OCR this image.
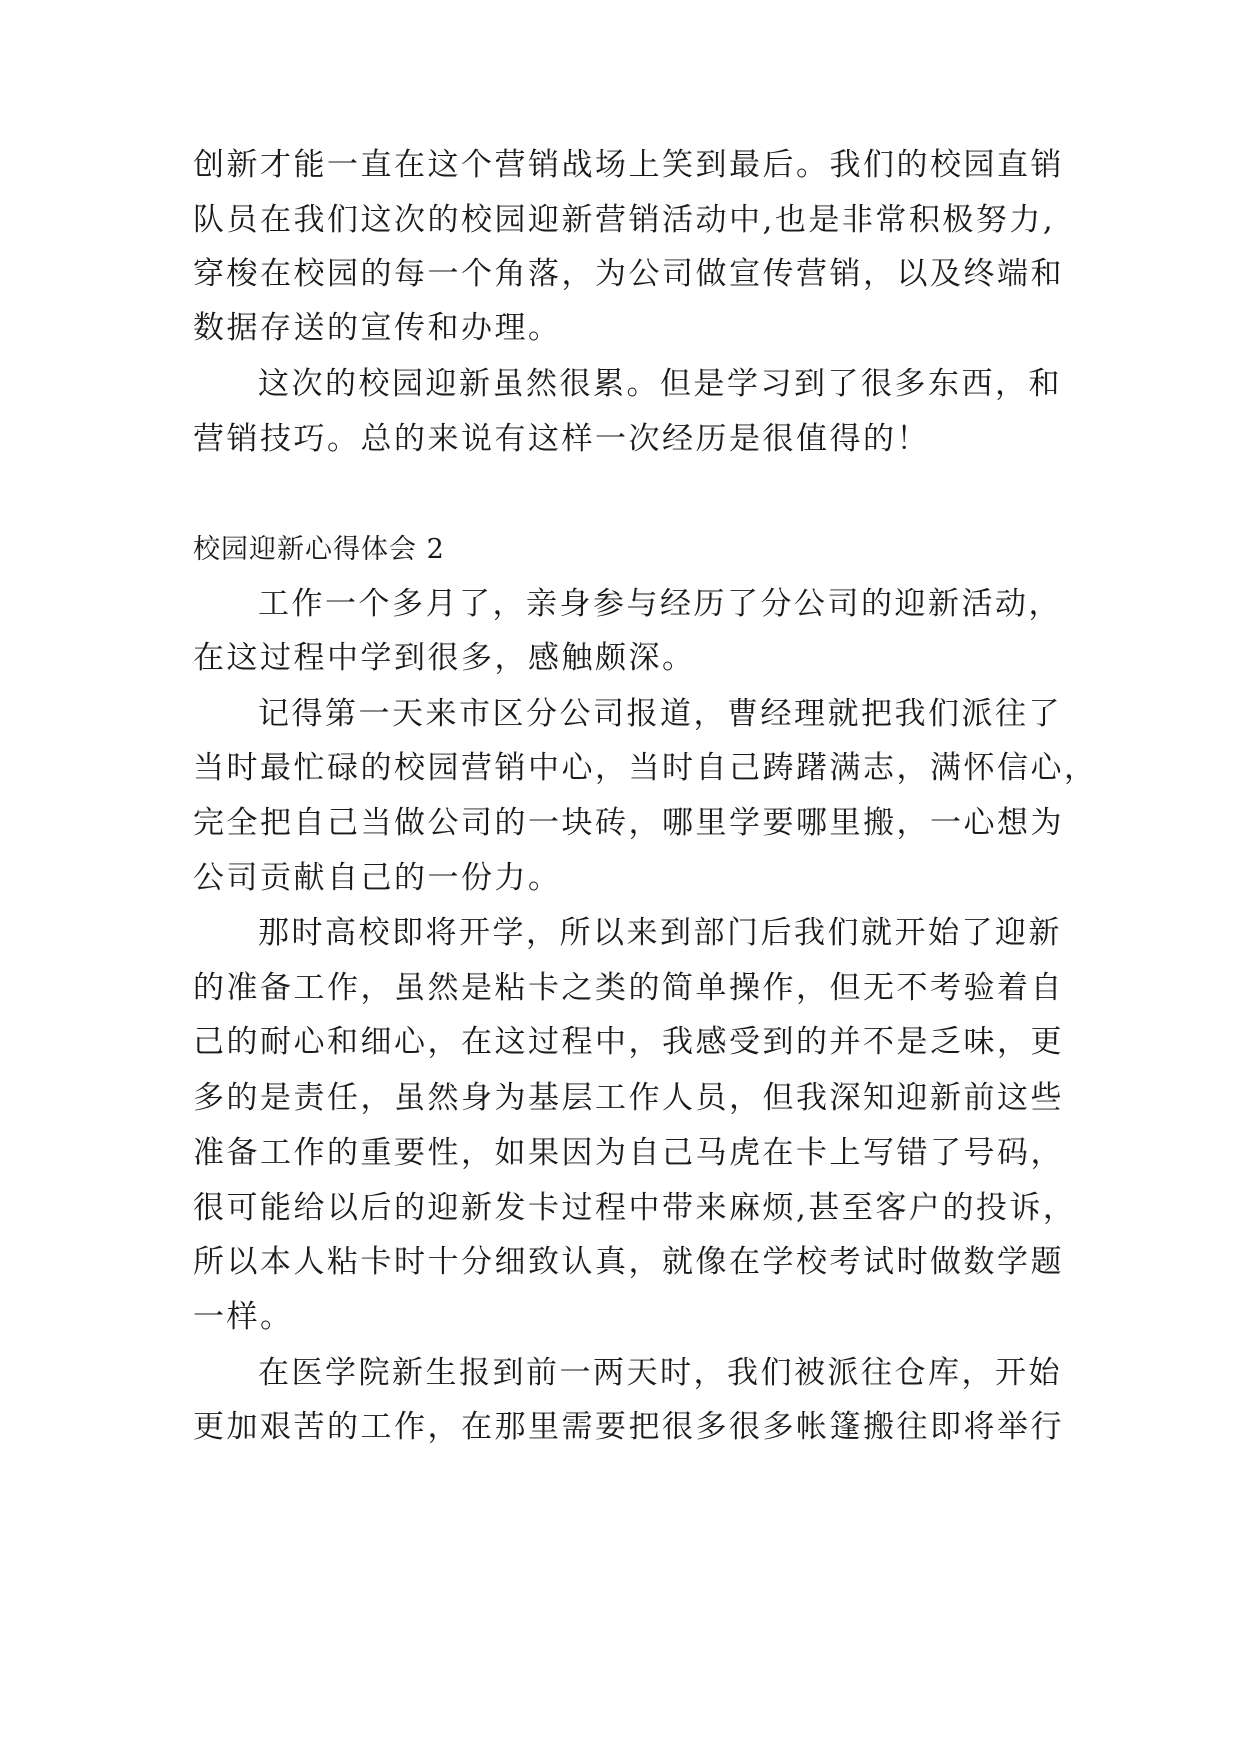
创新才能一直在这个营销战场上笑到最后。我们的校园直销
队员在我们这次的校园迎新营销活动中,也是非常积极努力,
穿梭在校园的每一个角落，为公司做宣传营销，以及终端和
数据存送的宣传和办理。
这次的校园迎新虽然很累。但是学习到了很多东西，和
营销技巧。总的来说有这样一次经历是很值得的！
校园迎新心得体会 2
工作一个多月了，亲身参与经历了分公司的迎新活动，
在这过程中学到很多，感触颇深。
记得第一天来市区分公司报道，曹经理就把我们派往了
当时最忙碌的校园营销中心，当时自己踌躇满志，满怀信心，
完全把自己当做公司的一块砖，哪里学要哪里搬，一心想为
公司贡献自己的一份力。
那时高校即将开学，所以来到部门后我们就开始了迎新
的准备工作，虽然是粘卡之类的简单操作，但无不考验着自
己的耐心和细心，在这过程中，我感受到的并不是乏味，更
多的是责任，虽然身为基层工作人员，但我深知迎新前这些
准备工作的重要性，如果因为自己马虎在卡上写错了号码，
很可能给以后的迎新发卡过程中带来麻烦,甚至客户的投诉，
所以本人粘卡时十分细致认真，就像在学校考试时做数学题
一样。
在医学院新生报到前一两天时，我们被派往仓库，开始
更加艰苦的工作，在那里需要把很多很多帐篷搬往即将举行
